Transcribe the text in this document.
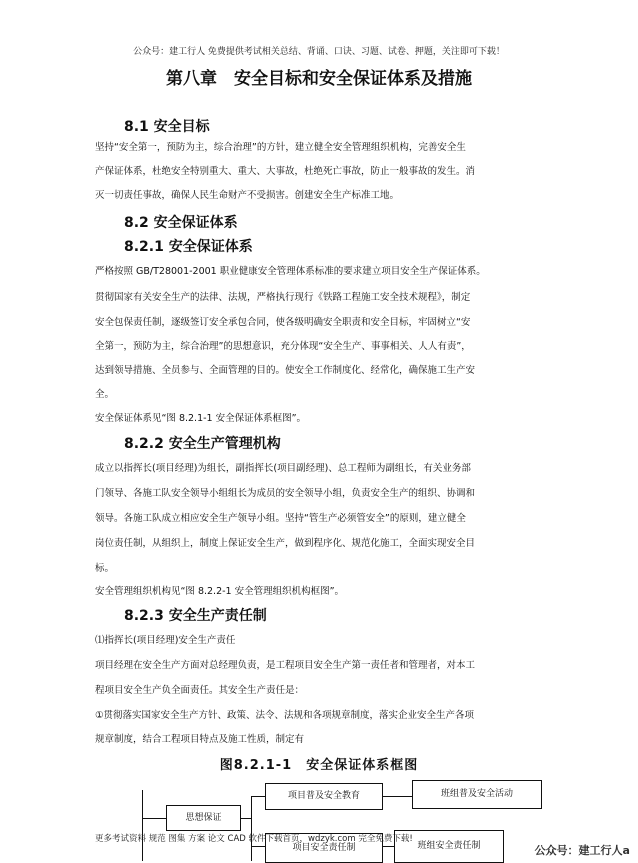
公众号：建工行人 免费提供考试相关总结、背诵、口诀、习题、试卷、押题，关注即可下载！
第八章　安全目标和安全保证体系及措施
8.1 安全目标
坚持“安全第一，预防为主，综合治理”的方针，建立健全安全管理组织机构，完善安全生
产保证体系，杜绝安全特别重大、重大、大事故，杜绝死亡事故，防止一般事故的发生。消
灭一切责任事故，确保人民生命财产不受损害。创建安全生产标准工地。
8.2 安全保证体系
8.2.1 安全保证体系
严格按照 GB/T28001-2001 职业健康安全管理体系标准的要求建立项目安全生产保证体系。
贯彻国家有关安全生产的法律、法规，严格执行现行《铁路工程施工安全技术规程》，制定
安全包保责任制，逐级签订安全承包合同，使各级明确安全职责和安全目标，牢固树立“安
全第一，预防为主，综合治理”的思想意识，充分体现“安全生产、事事相关、人人有责”，
达到领导措施、全员参与、全面管理的目的。使安全工作制度化、经常化，确保施工生产安
全。
安全保证体系见“图 8.2.1-1 安全保证体系框图”。
8.2.2 安全生产管理机构
成立以指挥长(项目经理)为组长，副指挥长(项目副经理)、总工程师为副组长，有关业务部
门领导、各施工队安全领导小组组长为成员的安全领导小组，负责安全生产的组织、协调和
领导。各施工队成立相应安全生产领导小组。坚持“管生产必须管安全”的原则，建立健全
岗位责任制，从组织上，制度上保证安全生产，做到程序化、规范化施工，全面实现安全目
标。
安全管理组织机构见“图 8.2.2-1 安全管理组织机构框图”。
8.2.3 安全生产责任制
⑴指挥长(项目经理)安全生产责任
项目经理在安全生产方面对总经理负责，是工程项目安全生产第一责任者和管理者，对本工
程项目安全生产负全面责任。其安全生产责任是：
①贯彻落实国家安全生产方针、政策、法令、法规和各项规章制度，落实企业安全生产各项
规章制度，结合工程项目特点及施工性质，制定有
图8.2.1-1　安全保证体系框图
思想保证
项目普及安全教育	班组普及安全活动
项目安全责任制	班组安全责任制
更多考试资料 规范 图集 方案 论文 CAD 软件下载首页，wdzyk.com 完全免费下载!
公众号：建工行人a
